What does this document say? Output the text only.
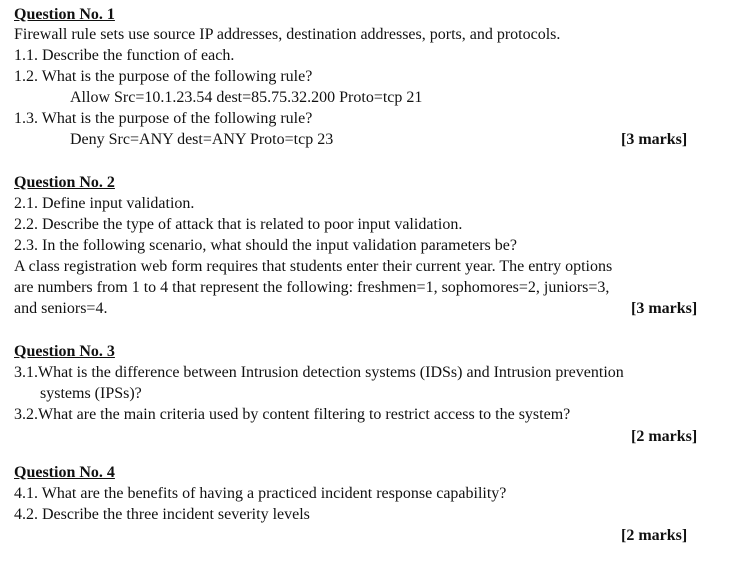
Question No. 1
Firewall rule sets use source IP addresses, destination addresses, ports, and protocols.
1.1. Describe the function of each.
1.2. What is the purpose of the following rule?
Allow Src=10.1.23.54 dest=85.75.32.200 Proto=tcp 21
1.3. What is the purpose of the following rule?
Deny Src=ANY dest=ANY Proto=tcp 23	[3 marks]
Question No. 2
2.1. Define input validation.
2.2. Describe the type of attack that is related to poor input validation.
2.3. In the following scenario, what should the input validation parameters be?
A class registration web form requires that students enter their current year. The entry options
are numbers from 1 to 4 that represent the following: freshmen=1, sophomores=2, juniors=3,
and seniors=4.	[3 marks]
Question No. 3
3.1.What is the difference between Intrusion detection systems (IDSs) and Intrusion prevention
systems (IPSs)?
3.2.What are the main criteria used by content filtering to restrict access to the system?
[2 marks]
Question No. 4
4.1. What are the benefits of having a practiced incident response capability?
4.2. Describe the three incident severity levels
[2 marks]
